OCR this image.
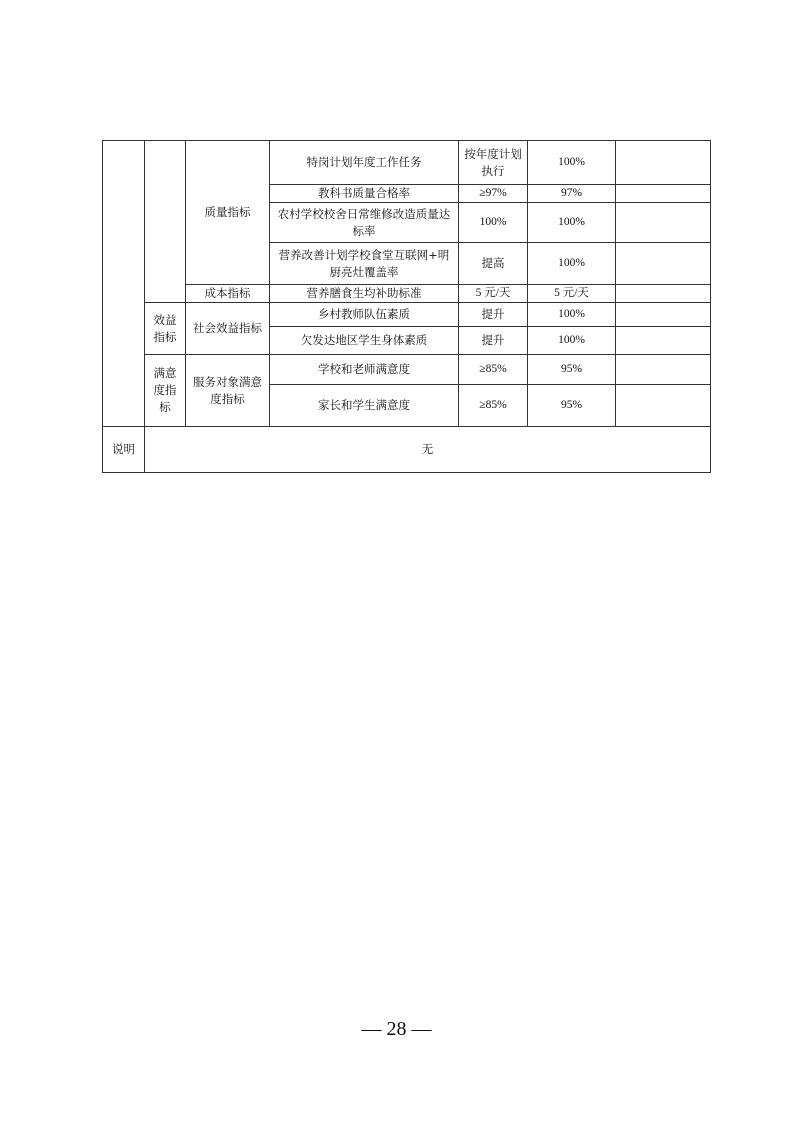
		质量指标	特岗计划年度工作任务	按年度计划执行	100%	
			教科书质量合格率	≥97%	97%	
			农村学校校舍日常维修改造质量达标率	100%	100%	
			营养改善计划学校食堂互联网+明厨亮灶覆盖率	提高	100%	

		成本指标	营养膳食生均补助标准	5 元/天	5 元/天	
	效益指标	社会效益指标	乡村教师队伍素质	提升	100%	
			欠发达地区学生身体素质	提升	100%	
	满意度指标	服务对象满意度指标	学校和老师满意度	≥85%	95%	
			家长和学生满意度	≥85%	95%	
说明	无					
— 28 —
